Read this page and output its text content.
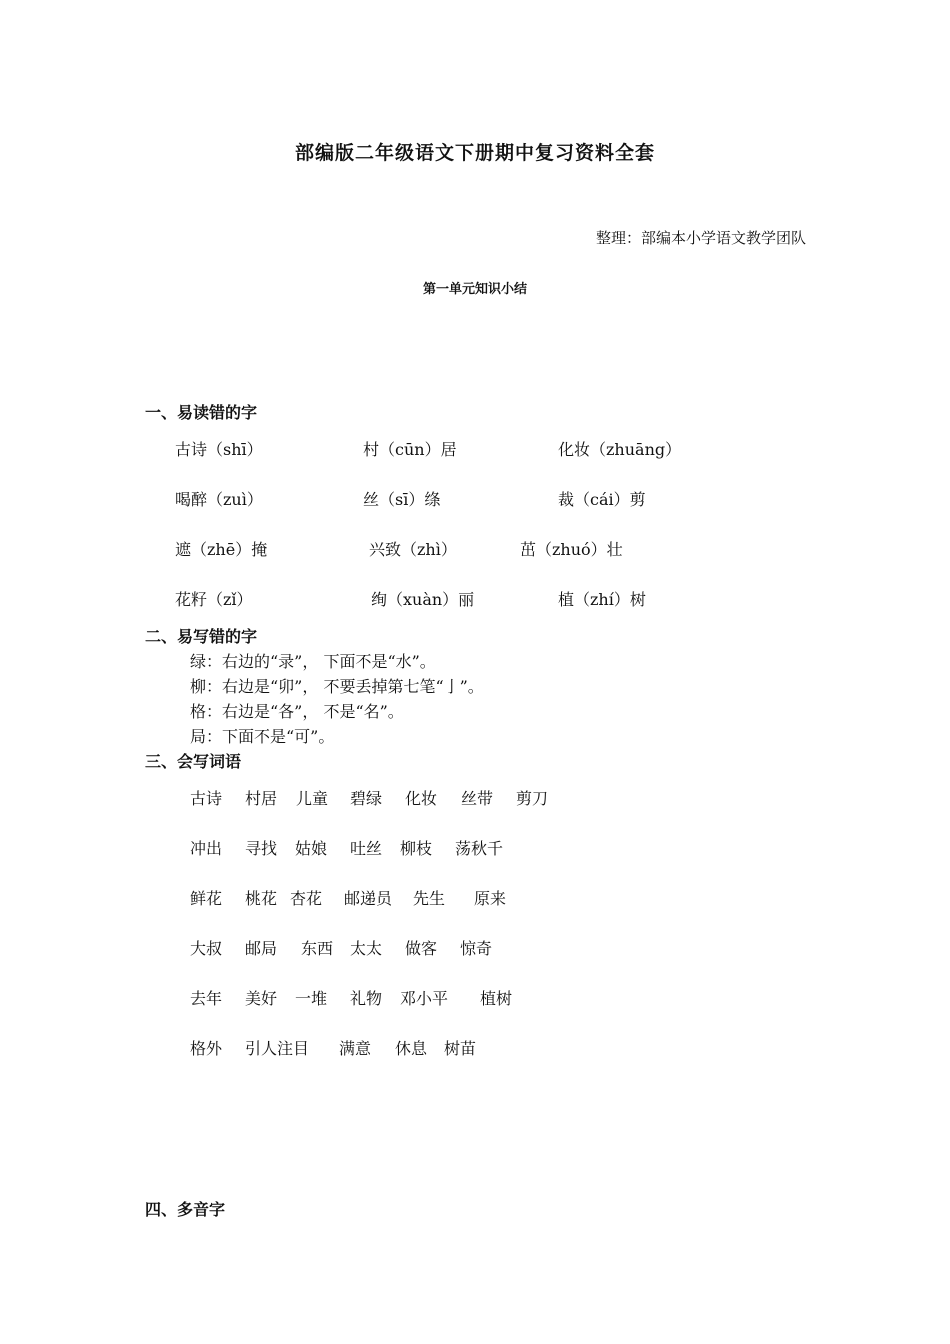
部编版二年级语文下册期中复习资料全套
整理：部编本小学语文教学团队
第一单元知识小结
一、易读错的字
古诗（shī）	村（cūn）居	化妆（zhuāng）
喝醉（zuì）	丝（sī）绦	裁（cái）剪
遮（zhē）掩	兴致（zhì）	茁（zhuó）壮
花籽（zǐ）	绚（xuàn）丽	植（zhí）树
二、易写错的字
绿：右边的“录”， 下面不是“水”。
柳：右边是“卯”， 不要丢掉第七笔“亅”。
格：右边是“各”， 不是“名”。
局：下面不是“可”。
三、会写词语
古诗 村居 儿童 碧绿 化妆 丝带 剪刀
冲出 寻找 姑娘 吐丝 柳枝 荡秋千
鲜花 桃花 杏花 邮递员 先生 原来
大叔 邮局 东西 太太 做客 惊奇
去年 美好 一堆 礼物 邓小平 植树
格外 引人注目 满意 休息 树苗
四、多音字
